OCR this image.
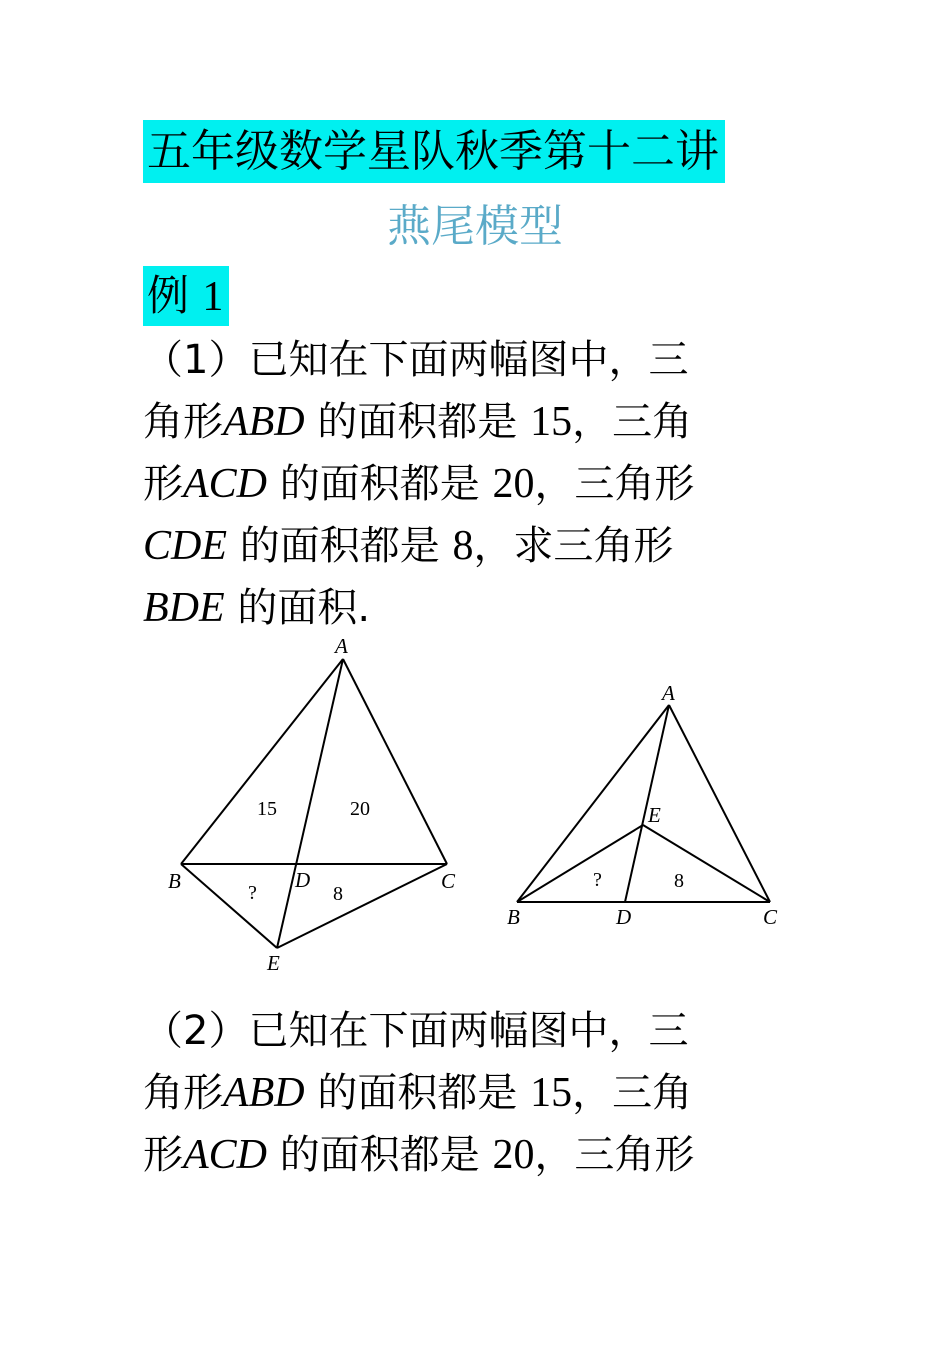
五年级数学星队秋季第十二讲
燕尾模型
例 1
（1）已知在下面两幅图中，三
角形ABD 的面积都是 15，三角
形ACD 的面积都是 20，三角形
CDE 的面积都是 8，求三角形
BDE 的面积.
A
B	C
D
E
15	20
?	8
A
B	C
D
E
?	8
（2）已知在下面两幅图中，三
角形ABD 的面积都是 15，三角
形ACD 的面积都是 20，三角形
